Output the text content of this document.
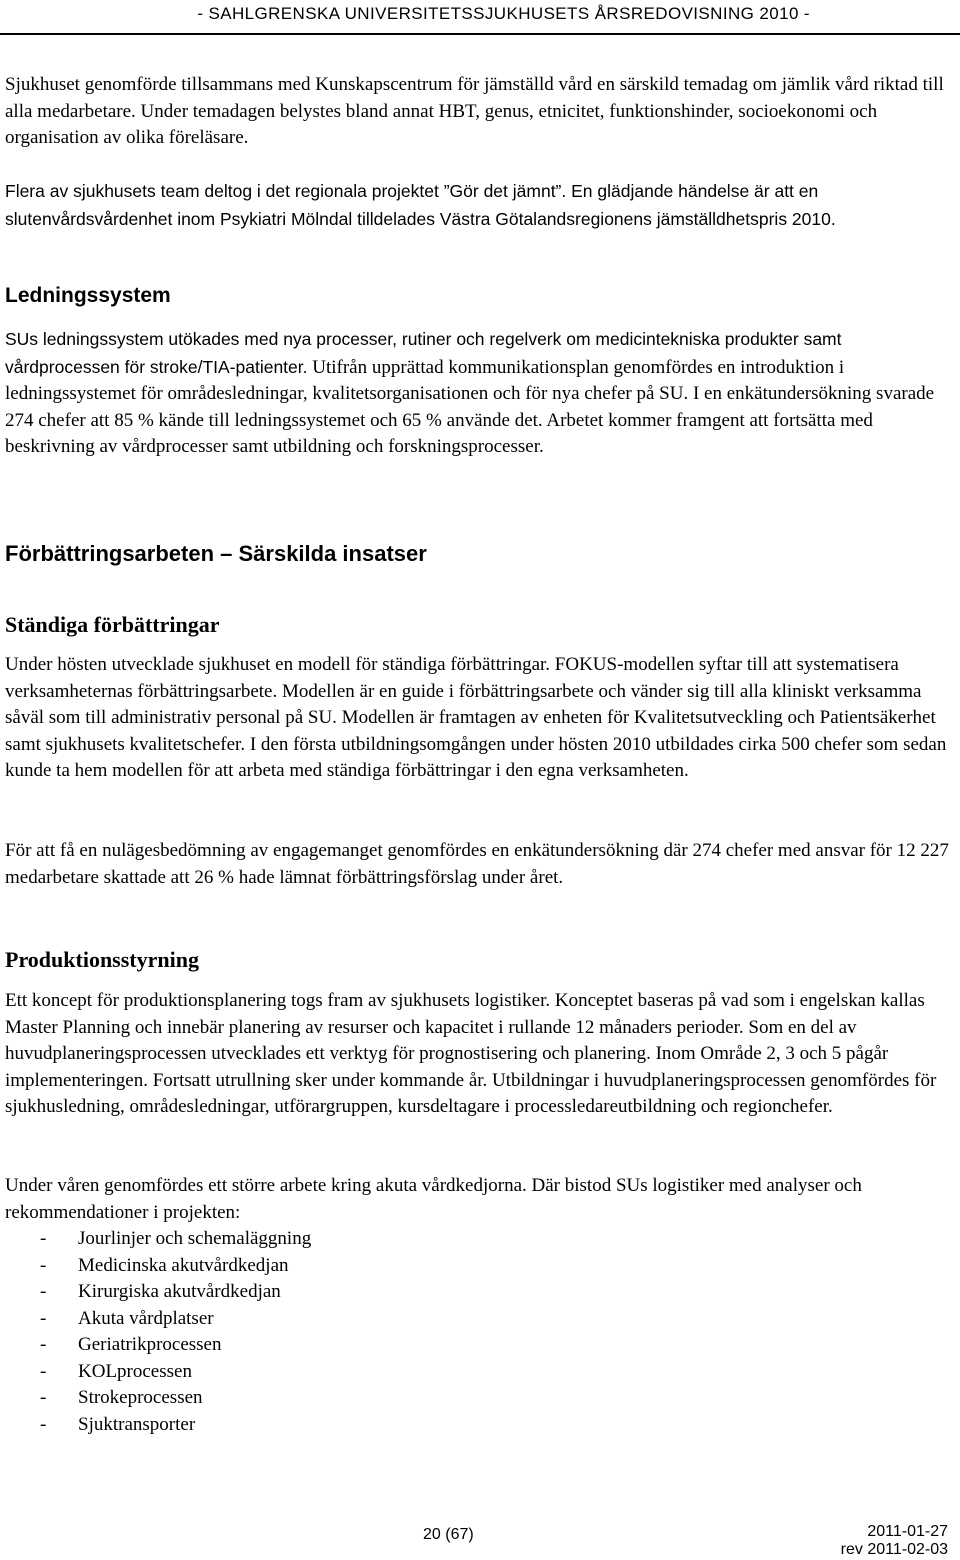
- SAHLGRENSKA UNIVERSITETSSJUKHUSETS ÅRSREDOVISNING 2010 -

Sjukhuset genomförde tillsammans med Kunskapscentrum för jämställd vård en särskild temadag om jämlik vård riktad till alla medarbetare. Under temadagen belystes bland annat HBT, genus, etnicitet, funktionshinder, socioekonomi och organisation av olika föreläsare.

Flera av sjukhusets team deltog i det regionala projektet ”Gör det jämnt”. En glädjande händelse är att en slutenvårdsvårdenhet inom Psykiatri Mölndal tilldelades Västra Götalandsregionens jämställdhetspris 2010.

Ledningssystem

SUs ledningssystem utökades med nya processer, rutiner och regelverk om medicintekniska produkter samt vårdprocessen för stroke/TIA-patienter. Utifrån upprättad kommunikationsplan genomfördes en introduktion i ledningssystemet för områdesledningar, kvalitetsorganisationen och för nya chefer på SU. I en enkätundersökning svarade 274 chefer att 85 % kände till ledningssystemet och 65 % använde det. Arbetet kommer framgent att fortsätta med beskrivning av vårdprocesser samt utbildning och forskningsprocesser.

Förbättringsarbeten – Särskilda insatser
Ständiga förbättringar

Under hösten utvecklade sjukhuset en modell för ständiga förbättringar. FOKUS-modellen syftar till att systematisera verksamheternas förbättringsarbete. Modellen är en guide i förbättringsarbete och vänder sig till alla kliniskt verksamma såväl som till administrativ personal på SU. Modellen är framtagen av enheten för Kvalitetsutveckling och Patientsäkerhet samt sjukhusets kvalitetschefer. I den första utbildningsomgången under hösten 2010 utbildades cirka 500 chefer som sedan kunde ta hem modellen för att arbeta med ständiga förbättringar i den egna verksamheten.

För att få en nulägesbedömning av engagemanget genomfördes en enkätundersökning där 274 chefer med ansvar för 12 227 medarbetare skattade att 26 % hade lämnat förbättringsförslag under året.

Produktionsstyrning

Ett koncept för produktionsplanering togs fram av sjukhusets logistiker. Konceptet baseras på vad som i engelskan kallas Master Planning och innebär planering av resurser och kapacitet i rullande 12 månaders perioder. Som en del av huvudplaneringsprocessen utvecklades ett verktyg för prognostisering och planering. Inom Område 2, 3 och 5 pågår implementeringen. Fortsatt utrullning sker under kommande år. Utbildningar i huvudplaneringsprocessen genomfördes för sjukhusledning, områdesledningar, utförargruppen, kursdeltagare i processledareutbildning och regionchefer.

Under våren genomfördes ett större arbete kring akuta vårdkedjorna. Där bistod SUs logistiker med analyser och rekommendationer i projekten:

- Jourlinjer och schemaläggning
- Medicinska akutvårdkedjan
- Kirurgiska akutvårdkedjan
- Akuta vårdplatser
- Geriatrikprocessen
- KOLprocessen
- Strokeprocessen
- Sjuktransporter
20 (67)	2011-01-27
rev 2011-02-03
